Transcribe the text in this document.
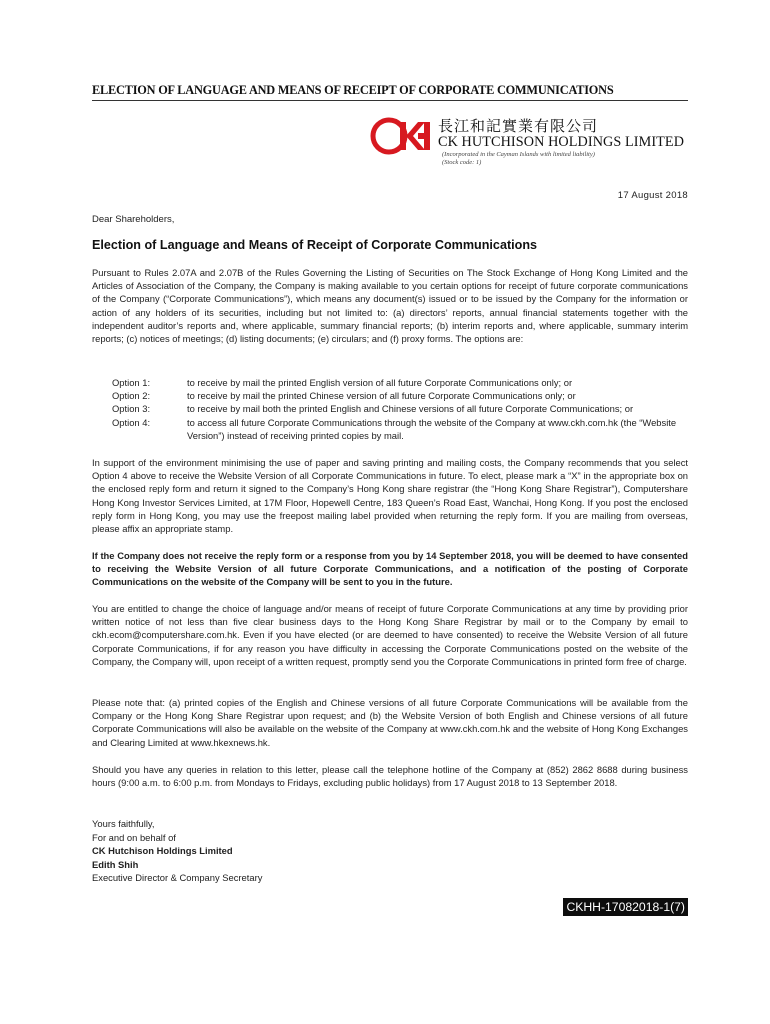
ELECTION OF LANGUAGE AND MEANS OF RECEIPT OF CORPORATE COMMUNICATIONS
長江和記實業有限公司
CK HUTCHISON HOLDINGS LIMITED
(Incorporated in the Cayman Islands with limited liability)
(Stock code: 1)
17 August 2018
Dear Shareholders,
Election of Language and Means of Receipt of Corporate Communications

Pursuant to Rules 2.07A and 2.07B of the Rules Governing the Listing of Securities on The Stock Exchange of Hong Kong Limited and the Articles of Association of the Company, the Company is making available to you certain options for receipt of future corporate communications of the Company (“Corporate Communications”), which means any document(s) issued or to be issued by the Company for the information or action of any holders of its securities, including but not limited to: (a) directors’ reports, annual financial statements together with the independent auditor’s reports and, where applicable, summary financial reports; (b) interim reports and, where applicable, summary interim reports; (c) notices of meetings; (d) listing documents; (e) circulars; and (f) proxy forms. The options are:

Option 1:	to receive by mail the printed English version of all future Corporate Communications only; or
Option 2:	to receive by mail the printed Chinese version of all future Corporate Communications only; or
Option 3:	to receive by mail both the printed English and Chinese versions of all future Corporate Communications; or
Option 4:	to access all future Corporate Communications through the website of the Company at www.ckh.com.hk (the “Website Version”) instead of receiving printed copies by mail.

In support of the environment minimising the use of paper and saving printing and mailing costs, the Company recommends that you select Option 4 above to receive the Website Version of all Corporate Communications in future. To elect, please mark a “X” in the appropriate box on the enclosed reply form and return it signed to the Company’s Hong Kong share registrar (the “Hong Kong Share Registrar”), Computershare Hong Kong Investor Services Limited, at 17M Floor, Hopewell Centre, 183 Queen’s Road East, Wanchai, Hong Kong. If you post the enclosed reply form in Hong Kong, you may use the freepost mailing label provided when returning the reply form. If you are mailing from overseas, please affix an appropriate stamp.

If the Company does not receive the reply form or a response from you by 14 September 2018, you will be deemed to have consented to receiving the Website Version of all future Corporate Communications, and a notification of the posting of Corporate Communications on the website of the Company will be sent to you in the future.

You are entitled to change the choice of language and/or means of receipt of future Corporate Communications at any time by providing prior written notice of not less than five clear business days to the Hong Kong Share Registrar by mail or to the Company by email to ckh.ecom@computershare.com.hk. Even if you have elected (or are deemed to have consented) to receive the Website Version of all future Corporate Communications, if for any reason you have difficulty in accessing the Corporate Communications posted on the website of the Company, the Company will, upon receipt of a written request, promptly send you the Corporate Communications in printed form free of charge.

Please note that: (a) printed copies of the English and Chinese versions of all future Corporate Communications will be available from the Company or the Hong Kong Share Registrar upon request; and (b) the Website Version of both English and Chinese versions of all future Corporate Communications will also be available on the website of the Company at www.ckh.com.hk and the website of Hong Kong Exchanges and Clearing Limited at www.hkexnews.hk.

Should you have any queries in relation to this letter, please call the telephone hotline of the Company at (852) 2862 8688 during business hours (9:00 a.m. to 6:00 p.m. from Mondays to Fridays, excluding public holidays) from 17 August 2018 to 13 September 2018.

Yours faithfully,
For and on behalf of
CK Hutchison Holdings Limited
Edith Shih
Executive Director & Company Secretary
CKHH-17082018-1(7)
